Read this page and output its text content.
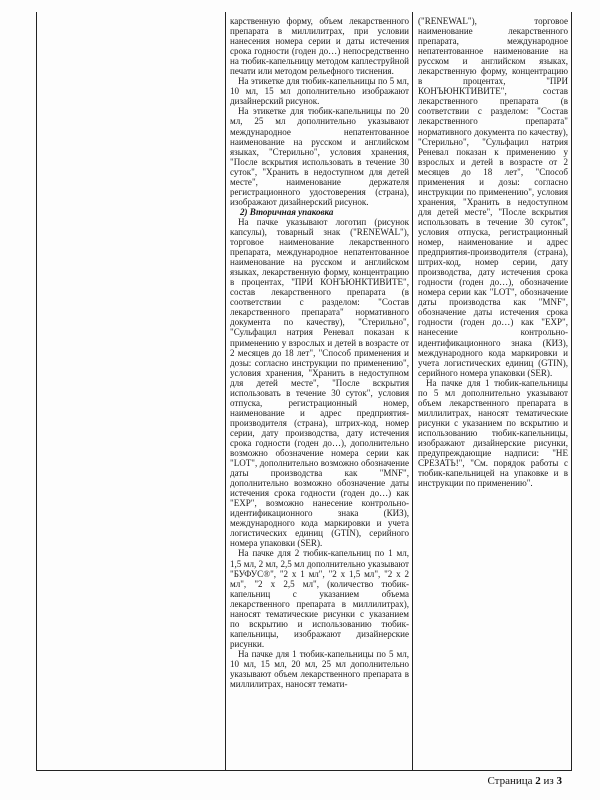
карственную форму, объем лекарственного препарата в миллилитрах, при условии нанесения номера серии и даты истечения срока годности (годен до…) непосредственно на тюбик-капельницу методом каплеструйной печати или методом рельефного тиснения.

На этикетке для тюбик-капельницы по 5 мл, 10 мл, 15 мл дополнительно изображают дизайнерский рисунок.

На этикетке для тюбик-капельницы по 20 мл, 25 мл дополнительно указывают международное непатентованное наименование на русском и английском языках, "Стерильно", условия хранения, "После вскрытия использовать в течение 30 суток", "Хранить в недоступном для детей месте", наименование держателя регистрационного удостоверения (страна), изображают дизайнерский рисунок.

2) Вторичная упаковка

На пачке указывают логотип (рисунок капсулы), товарный знак ("RENEWAL"), торговое наименование лекарственного препарата, международное непатентованное наименование на русском и английском языках, лекарственную форму, концентрацию в процентах, "ПРИ КОНЪЮНКТИВИТЕ", состав лекарственного препарата (в соответствии с разделом: "Состав лекарственного препарата" нормативного документа по качеству), "Стерильно", "Сульфацил натрия Реневал показан к применению у взрослых и детей в возрасте от 2 месяцев до 18 лет", "Способ применения и дозы: согласно инструкции по применению", условия хранения, "Хранить в недоступном для детей месте", "После вскрытия использовать в течение 30 суток", условия отпуска, регистрационный номер, наименование и адрес предприятия-производителя (страна), штрих-код, номер серии, дату производства, дату истечения срока годности (годен до…), дополнительно возможно обозначение номера серии как "LOT", дополнительно возможно обозначение даты производства как "MNF", дополнительно возможно обозначение даты истечения срока годности (годен до…) как "EXP", возможно нанесение контрольно-идентификационного знака (КИЗ), международного кода маркировки и учета логистических единиц (GTIN), серийного номера упаковки (SER).

На пачке для 2 тюбик-капельниц по 1 мл, 1,5 мл, 2 мл, 2,5 мл дополнительно указывают "БУФУС®", "2 х 1 мл", "2 х 1,5 мл", "2 х 2 мл", "2 х 2,5 мл", (количество тюбик-капельниц с указанием объема лекарственного препарата в миллилитрах), наносят тематические рисунки с указанием по вскрытию и использованию тюбик-капельницы, изображают дизайнерские рисунки.

На пачке для 1 тюбик-капельницы по 5 мл, 10 мл, 15 мл, 20 мл, 25 мл дополнительно указывают объем лекарственного препарата в миллилитрах, наносят темати-

("RENEWAL"), торговое наименование лекарственного препарата, международное непатентованное наименование на русском и английском языках, лекарственную форму, концентрацию в процентах, "ПРИ КОНЪЮНКТИВИТЕ", состав лекарственного препарата (в соответствии с разделом: "Состав лекарственного препарата" нормативного документа по качеству), "Стерильно", "Сульфацил натрия Реневал показан к применению у взрослых и детей в возрасте от 2 месяцев до 18 лет", "Способ применения и дозы: согласно инструкции по применению", условия хранения, "Хранить в недоступном для детей месте", "После вскрытия использовать в течение 30 суток", условия отпуска, регистрационный номер, наименование и адрес предприятия-производителя (страна), штрих-код, номер серии, дату производства, дату истечения срока годности (годен до…), обозначение номера серии как "LOT", обозначение даты производства как "MNF", обозначение даты истечения срока годности (годен до…) как "EXP", нанесение контрольно-идентификационного знака (КИЗ), международного кода маркировки и учета логистических единиц (GTIN), серийного номера упаковки (SER).

На пачке для 1 тюбик-капельницы по 5 мл дополнительно указывают объем лекарственного препарата в миллилитрах, наносят тематические рисунки с указанием по вскрытию и использованию тюбик-капельницы, изображают дизайнерские рисунки, предупреждающие надписи: "НЕ СРЕЗАТЬ!", "См. порядок работы с тюбик-капельницей на упаковке и в инструкции по применению".

Страница 2 из 3
